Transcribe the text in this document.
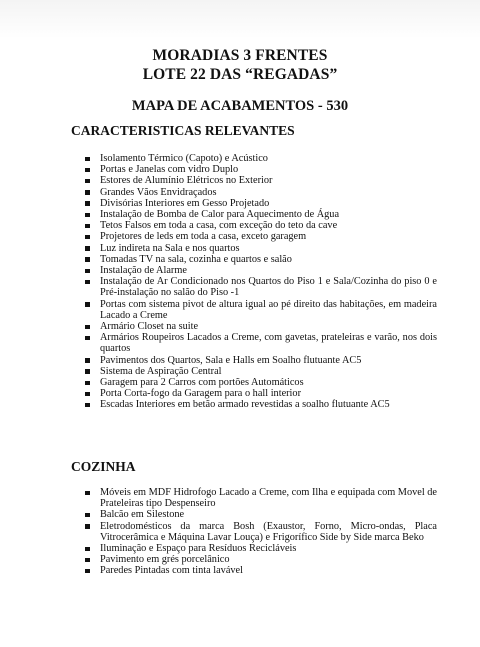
MORADIAS 3 FRENTES
LOTE 22 DAS “REGADAS”
MAPA DE ACABAMENTOS - 530
CARACTERISTICAS RELEVANTES
Isolamento Térmico (Capoto) e Acústico
Portas e Janelas com vidro Duplo
Estores de Alumínio Elétricos no Exterior
Grandes Vãos Envidraçados
Divisórias Interiores em Gesso Projetado
Instalação de Bomba de Calor para Aquecimento de Água
Tetos Falsos em toda a casa, com exceção do teto da cave
Projetores de leds em toda a casa, exceto garagem
Luz indireta na Sala e nos quartos
Tomadas TV na sala, cozinha e quartos e salão
Instalação de Alarme
Instalação de Ar Condicionado nos Quartos do Piso 1 e Sala/Cozinha do piso 0 e Pré-instalação no salão do Piso -1
Portas com sistema pivot de altura igual ao pé direito das habitações, em madeira Lacado a Creme
Armário Closet na suite
Armários Roupeiros Lacados a Creme, com gavetas, prateleiras e varão, nos dois quartos
Pavimentos dos Quartos, Sala e Halls em Soalho flutuante AC5
Sistema de Aspiração Central
Garagem para 2 Carros com portões Automáticos
Porta Corta-fogo da Garagem para o hall interior
Escadas Interiores em betão armado revestidas a soalho flutuante AC5
COZINHA
Móveis em MDF Hidrofogo Lacado a Creme, com Ilha e equipada com Movel de Prateleiras tipo Despenseiro
Balcão em Silestone
Eletrodomésticos da marca Bosh (Exaustor, Forno, Micro-ondas, Placa Vitrocerâmica e Máquina Lavar Louça) e Frigorífico Side by Side marca Beko
Iluminação e Espaço para Resíduos Recicláveis
Pavimento em grés porcelânico
Paredes Pintadas com tinta lavável
